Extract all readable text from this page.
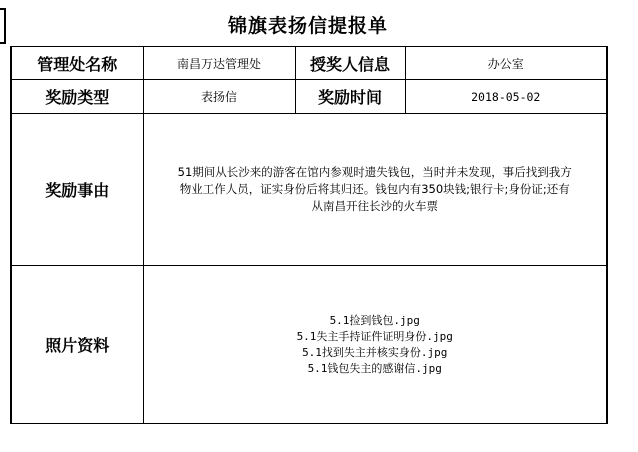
锦旗表扬信提报单
管理处名称	南昌万达管理处	授奖人信息	办公室
奖励类型	表扬信	奖励时间	2018-05-02
奖励事由	51期间从长沙来的游客在馆内参观时遗失钱包，当时并未发现，事后找到我方
物业工作人员，证实身份后将其归还。钱包内有350块钱;银行卡;身份证;还有
从南昌开往长沙的火车票		

照片资料	5.1捡到钱包.jpg
5.1失主手持证件证明身份.jpg
5.1找到失主并核实身份.jpg
5.1钱包失主的感谢信.jpg		
